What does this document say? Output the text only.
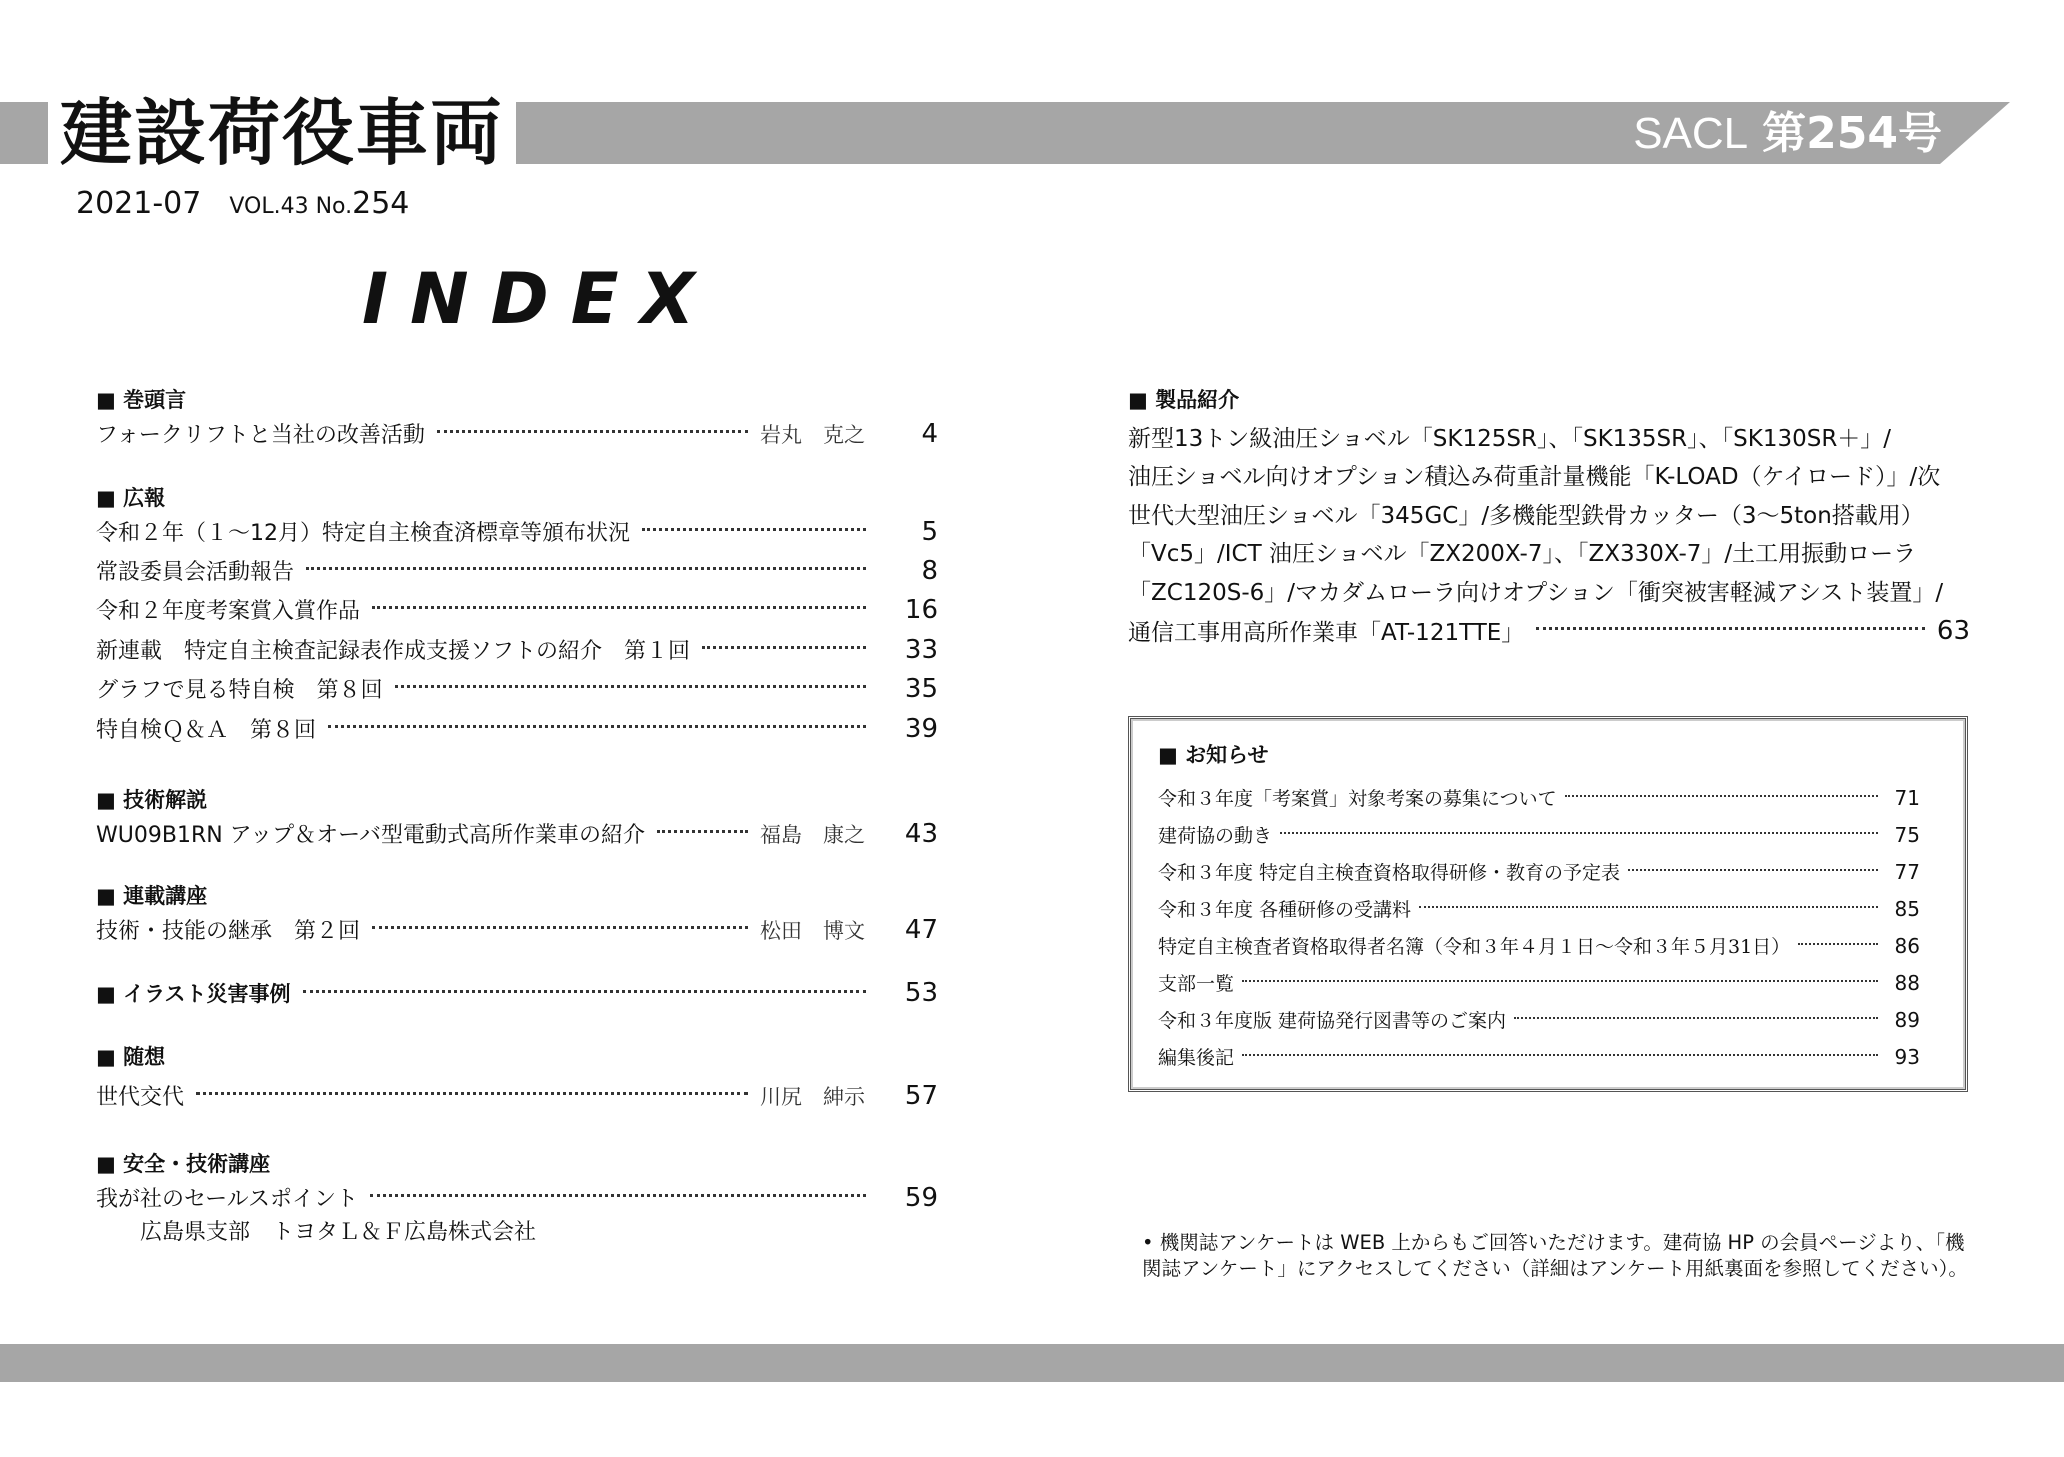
建設荷役車両	SACL 第254号
2021-07 VOL.43 No.254
INDEX
■ 巻頭言
フォークリフトと当社の改善活動	岩丸　克之	4
■ 広報
令和２年（１～12月）特定自主検査済標章等頒布状況	5
常設委員会活動報告	8
令和２年度考案賞入賞作品	16
新連載　特定自主検査記録表作成支援ソフトの紹介　第１回	33
グラフで見る特自検　第８回	35
特自検Ｑ＆Ａ　第８回	39
■ 技術解説
WU09B1RN アップ＆オーバ型電動式高所作業車の紹介	福島　康之	43
■ 連載講座
技術・技能の継承　第２回	松田　博文	47
■ イラスト災害事例	53
■ 随想
世代交代	川尻　紳示	57
■ 安全・技術講座
我が社のセールスポイント	59
広島県支部　トヨタＬ＆Ｆ広島株式会社
■ 製品紹介
新型13トン級油圧ショベル「SK125SR」、「SK135SR」、「SK130SR＋」/
油圧ショベル向けオプション積込み荷重計量機能「K-LOAD（ケイロード）」/次
世代大型油圧ショベル「345GC」/多機能型鉄骨カッター（3～5ton搭載用）
「Vc5」/ICT 油圧ショベル「ZX200X-7」、「ZX330X-7」/土工用振動ローラ
「ZC120S-6」/マカダムローラ向けオプション「衝突被害軽減アシスト装置」/
通信工事用高所作業車「AT-121TTE」	63
■ お知らせ
令和３年度「考案賞」対象考案の募集について	71
建荷協の動き	75
令和３年度 特定自主検査資格取得研修・教育の予定表	77
令和３年度 各種研修の受講料	85
特定自主検査者資格取得者名簿（令和３年４月１日～令和３年５月31日）	86
支部一覧	88
令和３年度版 建荷協発行図書等のご案内	89
編集後記	93
• 機関誌アンケートは WEB 上からもご回答いただけます。建荷協 HP の会員ページより、「機関誌アンケート」にアクセスしてください（詳細はアンケート用紙裏面を参照してください）。
